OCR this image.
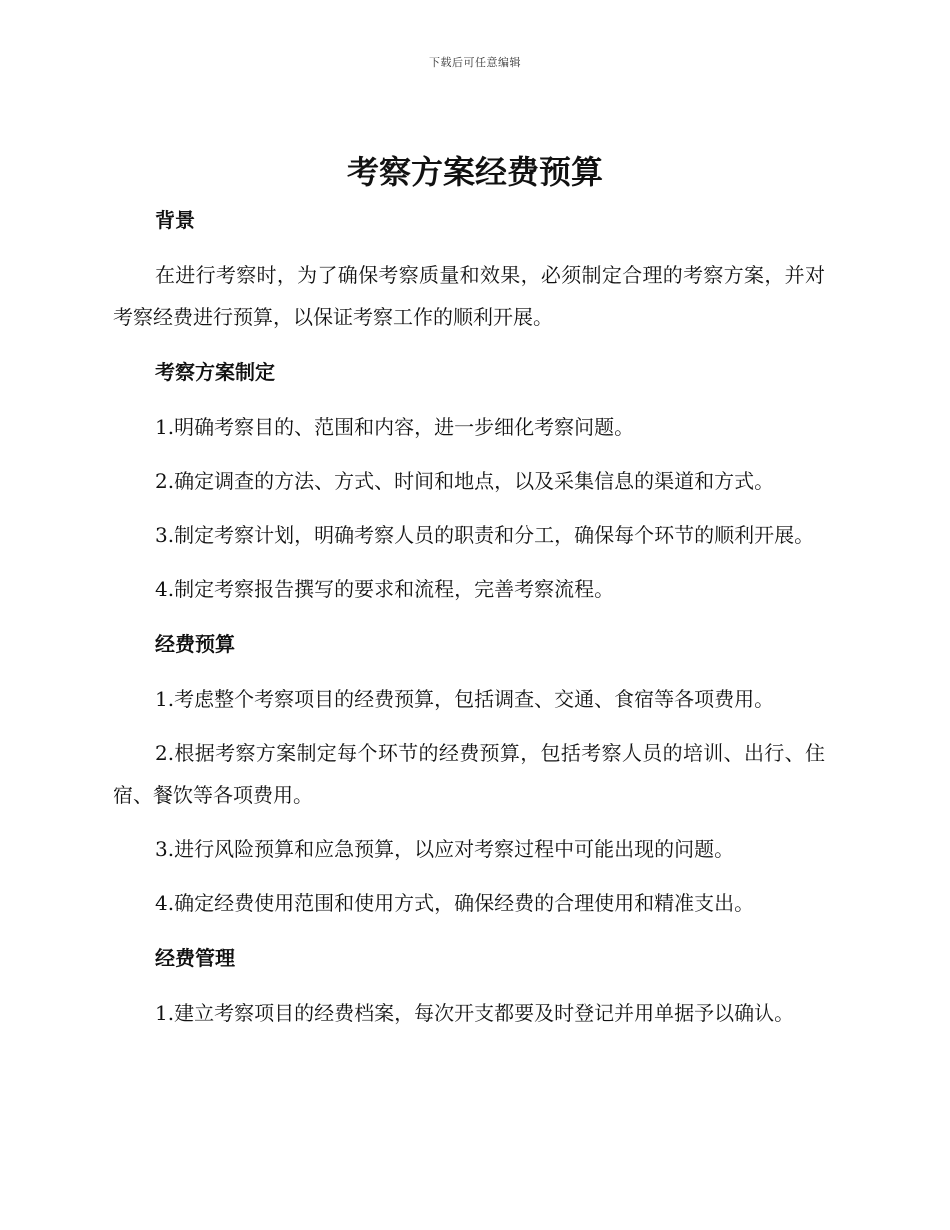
下载后可任意编辑
考察方案经费预算
背景

在进行考察时，为了确保考察质量和效果，必须制定合理的考察方案，并对考察经费进行预算，以保证考察工作的顺利开展。

考察方案制定

1.明确考察目的、范围和内容，进一步细化考察问题。

2.确定调查的方法、方式、时间和地点，以及采集信息的渠道和方式。

3.制定考察计划，明确考察人员的职责和分工，确保每个环节的顺利开展。

4.制定考察报告撰写的要求和流程，完善考察流程。

经费预算

1.考虑整个考察项目的经费预算，包括调查、交通、食宿等各项费用。

2.根据考察方案制定每个环节的经费预算，包括考察人员的培训、出行、住宿、餐饮等各项费用。

3.进行风险预算和应急预算，以应对考察过程中可能出现的问题。

4.确定经费使用范围和使用方式，确保经费的合理使用和精准支出。

经费管理

1.建立考察项目的经费档案，每次开支都要及时登记并用单据予以确认。
